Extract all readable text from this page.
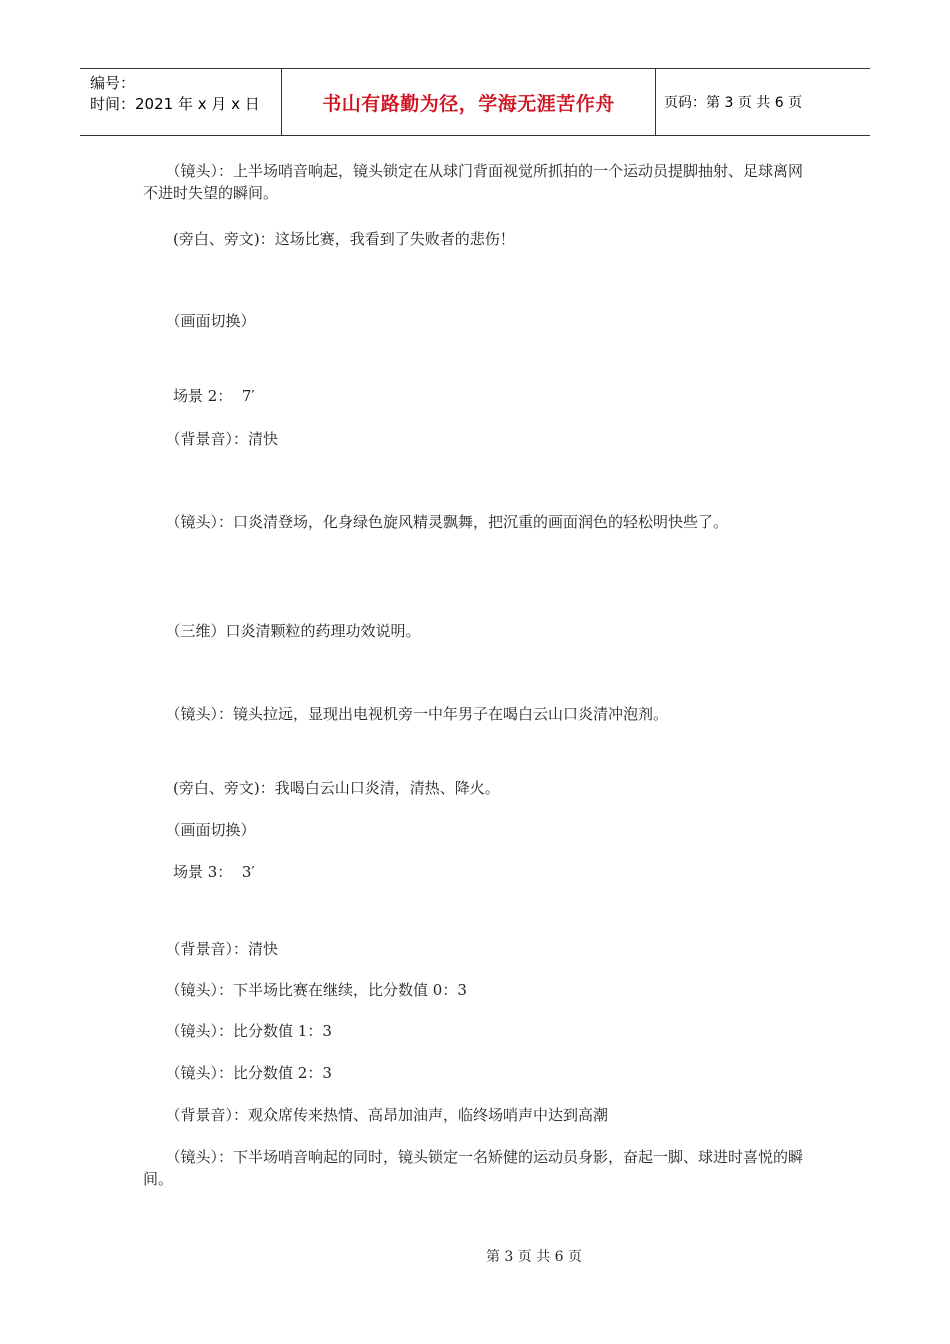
编号：
时间：2021 年 x 月 x 日	书山有路勤为径，学海无涯苦作舟	页码：第 3 页 共 6 页

　　（镜头）：上半场哨音响起，镜头锁定在从球门背面视觉所抓拍的一个运动员提脚抽射、足球离网不进时失望的瞬间。

　　(旁白、旁文)：这场比赛，我看到了失败者的悲伤！

　　（画面切换）

　　场景 2：  7′

　　（背景音）：清快

　　（镜头）：口炎清登场，化身绿色旋风精灵飘舞，把沉重的画面润色的轻松明快些了。

　　（三维）口炎清颗粒的药理功效说明。

　　（镜头）：镜头拉远，显现出电视机旁一中年男子在喝白云山口炎清冲泡剂。

　　(旁白、旁文)：我喝白云山口炎清，清热、降火。

　　（画面切换）

　　场景 3：  3′

　　（背景音）：清快

　　（镜头）：下半场比赛在继续，比分数值 0：3

　　（镜头）：比分数值 1：3

　　（镜头）：比分数值 2：3

　　（背景音）：观众席传来热情、高昂加油声，临终场哨声中达到高潮

　　（镜头）：下半场哨音响起的同时，镜头锁定一名矫健的运动员身影，奋起一脚、球进时喜悦的瞬间。

第 3 页 共 6 页
